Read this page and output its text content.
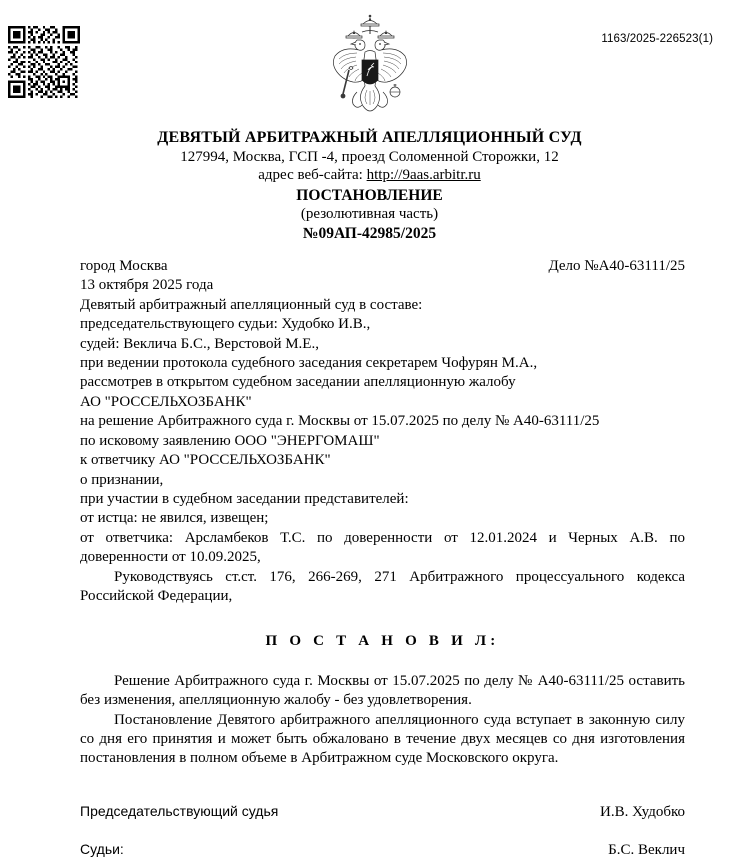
1163/2025-226523(1)
ДЕВЯТЫЙ АРБИТРАЖНЫЙ АПЕЛЛЯЦИОННЫЙ СУД
127994, Москва, ГСП -4, проезд Соломенной Сторожки, 12
адрес веб-сайта: http://9aas.arbitr.ru
ПОСТАНОВЛЕНИЕ
(резолютивная часть)
№09АП-42985/2025
город Москва	Дело №А40-63111/25
13 октября 2025 года
Девятый арбитражный апелляционный суд в составе:
председательствующего судьи: Худобко И.В.,
судей: Веклича Б.С., Верстовой М.Е.,
при ведении протокола судебного заседания секретарем Чофурян М.А.,
рассмотрев в открытом судебном заседании апелляционную жалобу
АО "РОССЕЛЬХОЗБАНК"
на решение Арбитражного суда г. Москвы от 15.07.2025 по делу № А40-63111/25
по исковому заявлению ООО "ЭНЕРГОМАШ"
к ответчику АО "РОССЕЛЬХОЗБАНК"
о признании,
при участии в судебном заседании представителей:
от истца: не явился, извещен;
от ответчика: Арсламбеков Т.С. по доверенности от 12.01.2024 и Черных А.В. по доверенности от 10.09.2025,
Руководствуясь ст.ст. 176, 266-269, 271 Арбитражного процессуального кодекса Российской Федерации,
П О С Т А Н О В И Л:
Решение Арбитражного суда г. Москвы от 15.07.2025 по делу № А40-63111/25 оставить без изменения, апелляционную жалобу - без удовлетворения.
Постановление Девятого арбитражного апелляционного суда вступает в законную силу со дня его принятия и может быть обжаловано в течение двух месяцев со дня изготовления постановления в полном объеме в Арбитражном суде Московского округа.
Председательствующий судья	И.В. Худобко
Судьи:	Б.С. Веклич
